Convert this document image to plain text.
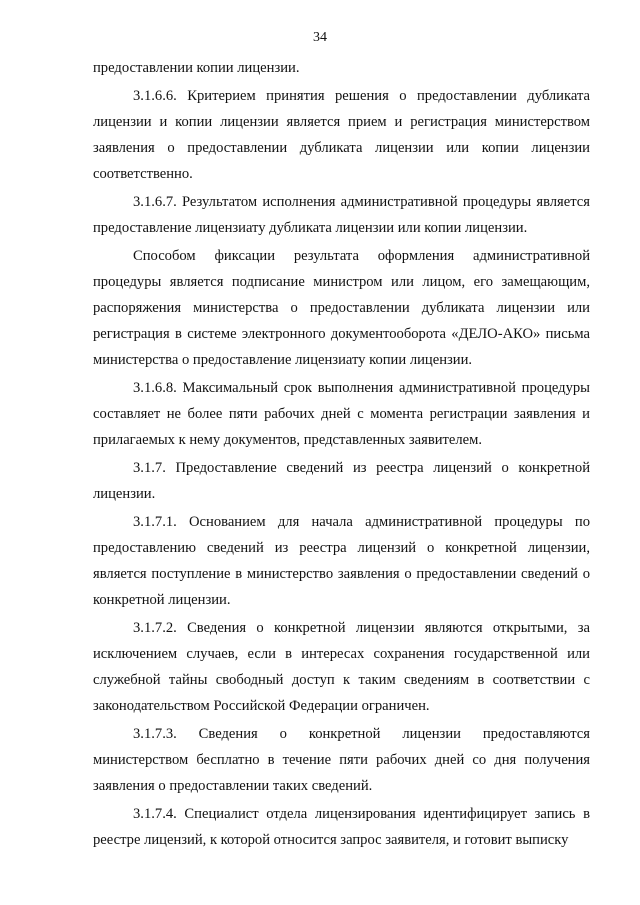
34

предоставлении копии лицензии.

3.1.6.6. Критерием принятия решения о предоставлении дубликата лицензии и копии лицензии является прием и регистрация министерством заявления о предоставлении дубликата лицензии или копии лицензии соответственно.

3.1.6.7. Результатом исполнения административной процедуры является предоставление лицензиату дубликата лицензии или копии лицензии.

Способом фиксации результата оформления административной процедуры является подписание министром или лицом, его замещающим, распоряжения министерства о предоставлении дубликата лицензии или регистрация в системе электронного документооборота «ДЕЛО-АКО» письма министерства о предоставление лицензиату копии лицензии.

3.1.6.8. Максимальный срок выполнения административной процедуры составляет не более пяти рабочих дней с момента регистрации заявления и прилагаемых к нему документов, представленных заявителем.

3.1.7. Предоставление сведений из реестра лицензий о конкретной лицензии.

3.1.7.1. Основанием для начала административной процедуры по предоставлению сведений из реестра лицензий о конкретной лицензии, является поступление в министерство заявления о предоставлении сведений о конкретной лицензии.

3.1.7.2. Сведения о конкретной лицензии являются открытыми, за исключением случаев, если в интересах сохранения государственной или служебной тайны свободный доступ к таким сведениям в соответствии с законодательством Российской Федерации ограничен.

3.1.7.3. Сведения о конкретной лицензии предоставляются министерством бесплатно в течение пяти рабочих дней со дня получения заявления о предоставлении таких сведений.

3.1.7.4. Специалист отдела лицензирования идентифицирует запись в реестре лицензий, к которой относится запрос заявителя, и готовит выписку
